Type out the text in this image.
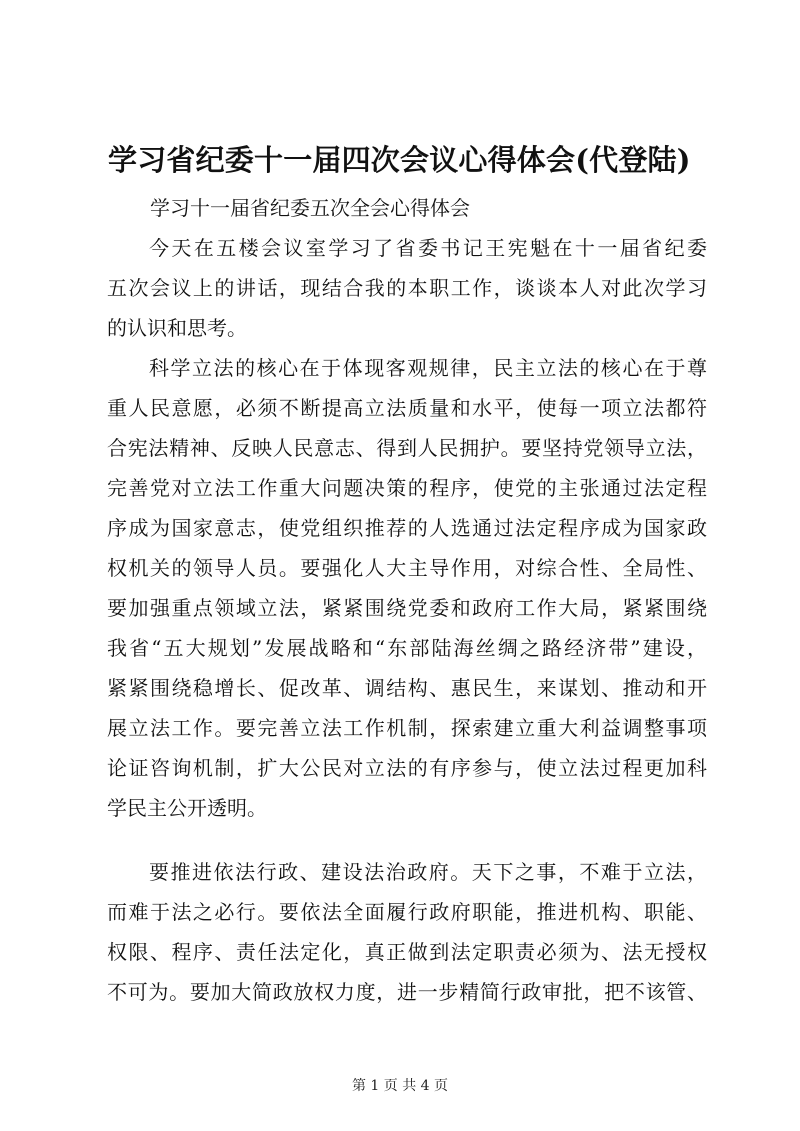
学习省纪委十一届四次会议心得体会(代登陆)
学习十一届省纪委五次全会心得体会
今天在五楼会议室学习了省委书记王宪魁在十一届省纪委
五次会议上的讲话，现结合我的本职工作，谈谈本人对此次学习
的认识和思考。
科学立法的核心在于体现客观规律，民主立法的核心在于尊
重人民意愿，必须不断提高立法质量和水平，使每一项立法都符
合宪法精神、反映人民意志、得到人民拥护。要坚持党领导立法，
完善党对立法工作重大问题决策的程序，使党的主张通过法定程
序成为国家意志，使党组织推荐的人选通过法定程序成为国家政
权机关的领导人员。要强化人大主导作用，对综合性、全局性、
要加强重点领域立法，紧紧围绕党委和政府工作大局，紧紧围绕
我省“五大规划”发展战略和“东部陆海丝绸之路经济带”建设，
紧紧围绕稳增长、促改革、调结构、惠民生，来谋划、推动和开
展立法工作。要完善立法工作机制，探索建立重大利益调整事项
论证咨询机制，扩大公民对立法的有序参与，使立法过程更加科
学民主公开透明。
要推进依法行政、建设法治政府。天下之事，不难于立法，
而难于法之必行。要依法全面履行政府职能，推进机构、职能、
权限、程序、责任法定化，真正做到法定职责必须为、法无授权
不可为。要加大简政放权力度，进一步精简行政审批，把不该管、
第 1 页 共 4 页
